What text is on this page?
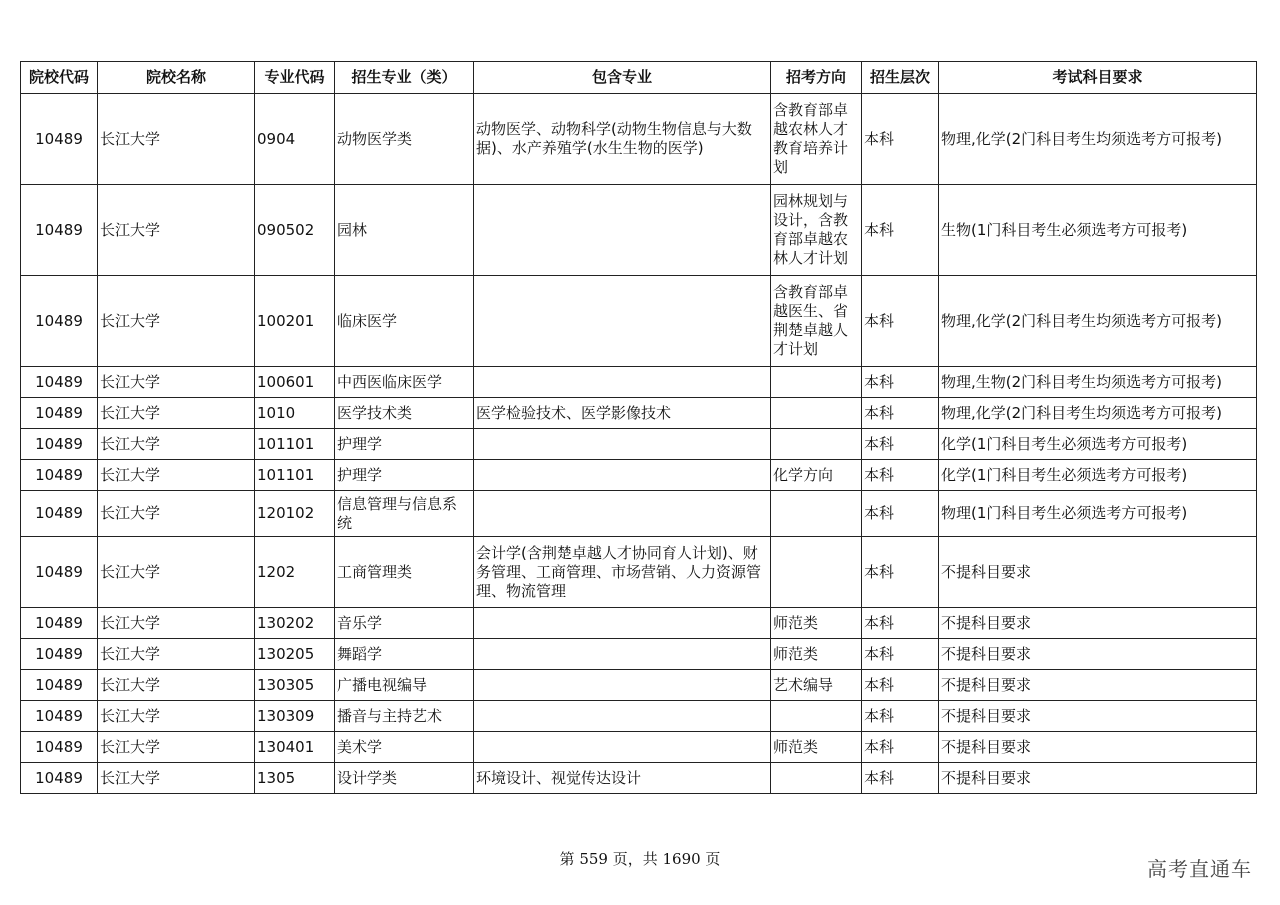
院校代码	院校名称	专业代码	招生专业（类）	包含专业	招考方向	招生层次	考试科目要求
10489	长江大学	0904	动物医学类	动物医学、动物科学(动物生物信息与大数据)、水产养殖学(水生生物的医学)	含教育部卓越农林人才教育培养计划	本科	物理,化学(2门科目考生均须选考方可报考)
10489	长江大学	090502	园林		园林规划与设计，含教育部卓越农林人才计划	本科	生物(1门科目考生必须选考方可报考)
10489	长江大学	100201	临床医学		含教育部卓越医生、省荆楚卓越人才计划	本科	物理,化学(2门科目考生均须选考方可报考)
10489	长江大学	100601	中西医临床医学			本科	物理,生物(2门科目考生均须选考方可报考)
10489	长江大学	1010	医学技术类	医学检验技术、医学影像技术		本科	物理,化学(2门科目考生均须选考方可报考)
10489	长江大学	101101	护理学			本科	化学(1门科目考生必须选考方可报考)
10489	长江大学	101101	护理学		化学方向	本科	化学(1门科目考生必须选考方可报考)
10489	长江大学	120102	信息管理与信息系统			本科	物理(1门科目考生必须选考方可报考)
10489	长江大学	1202	工商管理类	会计学(含荆楚卓越人才协同育人计划)、财务管理、工商管理、市场营销、人力资源管理、物流管理		本科	不提科目要求
10489	长江大学	130202	音乐学		师范类	本科	不提科目要求
10489	长江大学	130205	舞蹈学		师范类	本科	不提科目要求
10489	长江大学	130305	广播电视编导		艺术编导	本科	不提科目要求
10489	长江大学	130309	播音与主持艺术			本科	不提科目要求
10489	长江大学	130401	美术学		师范类	本科	不提科目要求
10489	长江大学	1305	设计学类	环境设计、视觉传达设计		本科	不提科目要求
第 559 页，共 1690 页	高考直通车
